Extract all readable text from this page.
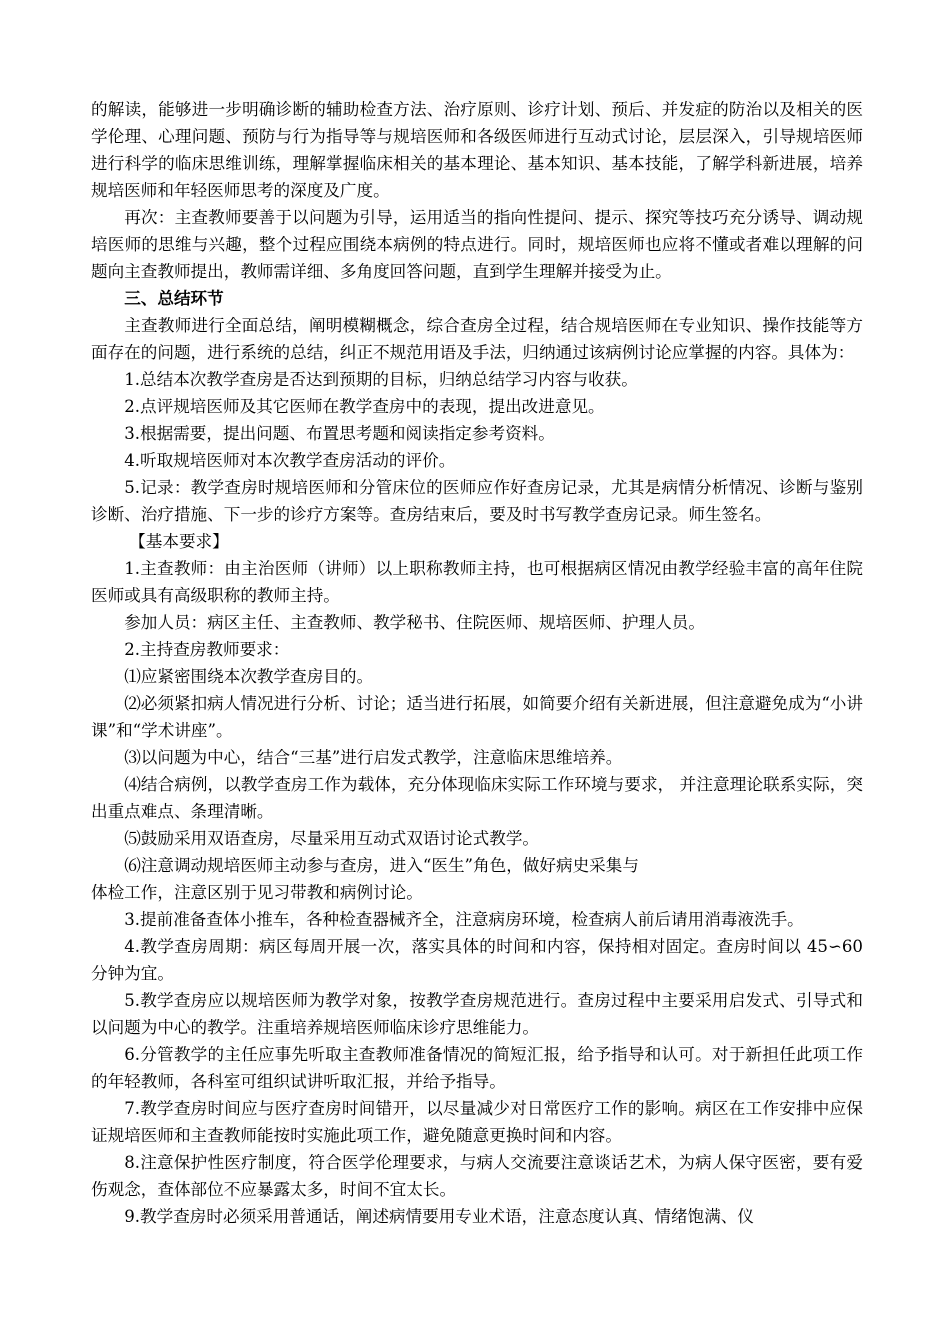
的解读，能够进一步明确诊断的辅助检查方法、治疗原则、诊疗计划、预后、并发症的防治以及相关的医学伦理、心理问题、预防与行为指导等与规培医师和各级医师进行互动式讨论，层层深入，引导规培医师进行科学的临床思维训练，理解掌握临床相关的基本理论、基本知识、基本技能，了解学科新进展，培养规培医师和年轻医师思考的深度及广度。

再次：主查教师要善于以问题为引导，运用适当的指向性提问、提示、探究等技巧充分诱导、调动规培医师的思维与兴趣，整个过程应围绕本病例的特点进行。同时，规培医师也应将不懂或者难以理解的问题向主查教师提出，教师需详细、多角度回答问题，直到学生理解并接受为止。

三、总结环节

主查教师进行全面总结，阐明模糊概念，综合查房全过程，结合规培医师在专业知识、操作技能等方面存在的问题，进行系统的总结，纠正不规范用语及手法，归纳通过该病例讨论应掌握的内容。具体为：

1.总结本次教学查房是否达到预期的目标，归纳总结学习内容与收获。

2.点评规培医师及其它医师在教学查房中的表现，提出改进意见。

3.根据需要，提出问题、布置思考题和阅读指定参考资料。

4.听取规培医师对本次教学查房活动的评价。

5.记录：教学查房时规培医师和分管床位的医师应作好查房记录，尤其是病情分析情况、诊断与鉴别诊断、治疗措施、下一步的诊疗方案等。查房结束后，要及时书写教学查房记录。师生签名。

【基本要求】

1.主查教师：由主治医师（讲师）以上职称教师主持，也可根据病区情况由教学经验丰富的高年住院医师或具有高级职称的教师主持。

参加人员：病区主任、主查教师、教学秘书、住院医师、规培医师、护理人员。

2.主持查房教师要求：

⑴应紧密围绕本次教学查房目的。

⑵必须紧扣病人情况进行分析、讨论；适当进行拓展，如简要介绍有关新进展，但注意避免成为“小讲课”和“学术讲座”。

⑶以问题为中心，结合“三基”进行启发式教学，注意临床思维培养。

⑷结合病例，以教学查房工作为载体，充分体现临床实际工作环境与要求， 并注意理论联系实际，突出重点难点、条理清晰。

⑸鼓励采用双语查房，尽量采用互动式双语讨论式教学。

⑹注意调动规培医师主动参与查房，进入“医生”角色，做好病史采集与

体检工作，注意区别于见习带教和病例讨论。

3.提前准备查体小推车，各种检查器械齐全，注意病房环境，检查病人前后请用消毒液洗手。

4.教学查房周期：病区每周开展一次，落实具体的时间和内容，保持相对固定。查房时间以 45∽60 分钟为宜。

5.教学查房应以规培医师为教学对象，按教学查房规范进行。查房过程中主要采用启发式、引导式和以问题为中心的教学。注重培养规培医师临床诊疗思维能力。

6.分管教学的主任应事先听取主查教师准备情况的简短汇报，给予指导和认可。对于新担任此项工作的年轻教师，各科室可组织试讲听取汇报，并给予指导。

7.教学查房时间应与医疗查房时间错开，以尽量减少对日常医疗工作的影响。病区在工作安排中应保证规培医师和主查教师能按时实施此项工作，避免随意更换时间和内容。

8.注意保护性医疗制度，符合医学伦理要求，与病人交流要注意谈话艺术，为病人保守医密，要有爱伤观念，查体部位不应暴露太多，时间不宜太长。

9.教学查房时必须采用普通话，阐述病情要用专业术语，注意态度认真、情绪饱满、仪
